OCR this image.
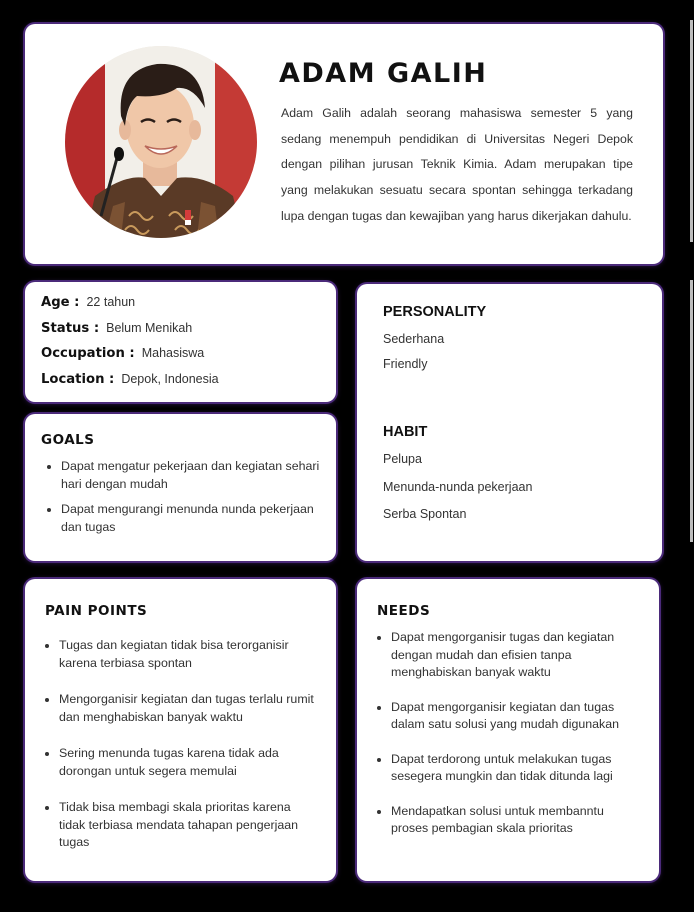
ADAM GALIH

Adam Galih adalah seorang mahasiswa semester 5 yang sedang menempuh pendidikan di Universitas Negeri Depok dengan pilihan jurusan Teknik Kimia. Adam merupakan tipe yang melakukan sesuatu secara spontan sehingga terkadang lupa dengan tugas dan kewajiban yang harus dikerjakan dahulu.

Age : 22 tahun
Status : Belum Menikah
Occupation : Mahasiswa
Location : Depok, Indonesia
GOALS
• Dapat mengatur pekerjaan dan kegiatan sehari hari dengan mudah
• Dapat mengurangi menunda nunda pekerjaan dan tugas
PERSONALITY
Sederhana
Friendly
HABIT
Pelupa
Menunda-nunda pekerjaan
Serba Spontan
PAIN POINTS
• Tugas dan kegiatan tidak bisa terorganisir karena terbiasa spontan
• Mengorganisir kegiatan dan tugas terlalu rumit dan menghabiskan banyak waktu
• Sering menunda tugas karena tidak ada dorongan untuk segera memulai
• Tidak bisa membagi skala prioritas karena tidak terbiasa mendata tahapan pengerjaan tugas
NEEDS
• Dapat mengorganisir tugas dan kegiatan dengan mudah dan efisien tanpa menghabiskan banyak waktu
• Dapat mengorganisir kegiatan dan tugas dalam satu solusi yang mudah digunakan
• Dapat terdorong untuk melakukan tugas sesegera mungkin dan tidak ditunda lagi
• Mendapatkan solusi untuk membanntu proses pembagian skala prioritas
